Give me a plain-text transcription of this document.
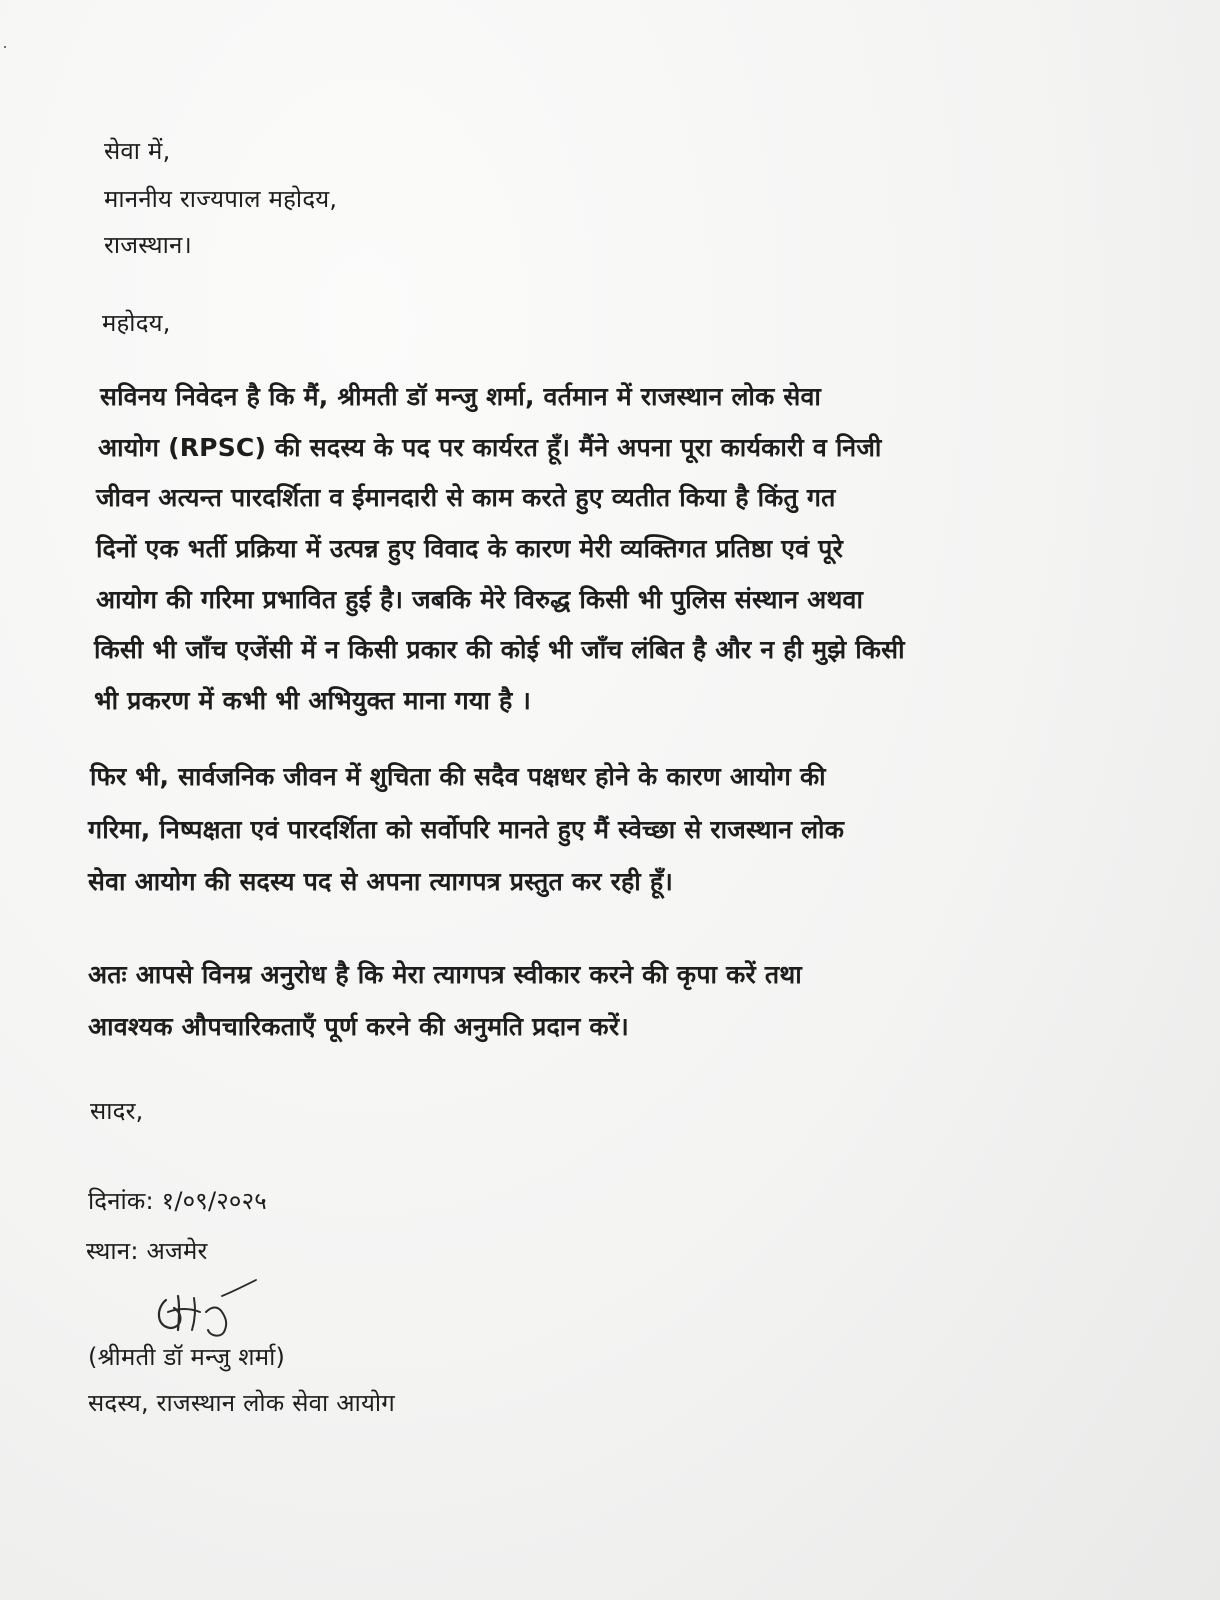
सेवा में,
माननीय राज्यपाल महोदय,
राजस्थान।
महोदय,
सविनय निवेदन है कि मैं, श्रीमती डॉ मन्जु शर्मा, वर्तमान में राजस्थान लोक सेवा
आयोग (RPSC) की सदस्य के पद पर कार्यरत हूँ। मैंने अपना पूरा कार्यकारी व निजी
जीवन अत्यन्त पारदर्शिता व ईमानदारी से काम करते हुए व्यतीत किया है किंतु गत
दिनों एक भर्ती प्रक्रिया में उत्पन्न हुए विवाद के कारण मेरी व्यक्तिगत प्रतिष्ठा एवं पूरे
आयोग की गरिमा प्रभावित हुई है। जबकि मेरे विरुद्ध किसी भी पुलिस संस्थान अथवा
किसी भी जाँच एजेंसी में न किसी प्रकार की कोई भी जाँच लंबित है और न ही मुझे किसी
भी प्रकरण में कभी भी अभियुक्त माना गया है ।
फिर भी, सार्वजनिक जीवन में शुचिता की सदैव पक्षधर होने के कारण आयोग की
गरिमा, निष्पक्षता एवं पारदर्शिता को सर्वोपरि मानते हुए मैं स्वेच्छा से राजस्थान लोक
सेवा आयोग की सदस्य पद से अपना त्यागपत्र प्रस्तुत कर रही हूँ।
अतः आपसे विनम्र अनुरोध है कि मेरा त्यागपत्र स्वीकार करने की कृपा करें तथा
आवश्यक औपचारिकताएँ पूर्ण करने की अनुमति प्रदान करें।
सादर,
दिनांक: १/०९/२०२५
स्थान: अजमेर
(श्रीमती डॉ मन्जु शर्मा)
सदस्य, राजस्थान लोक सेवा आयोग
